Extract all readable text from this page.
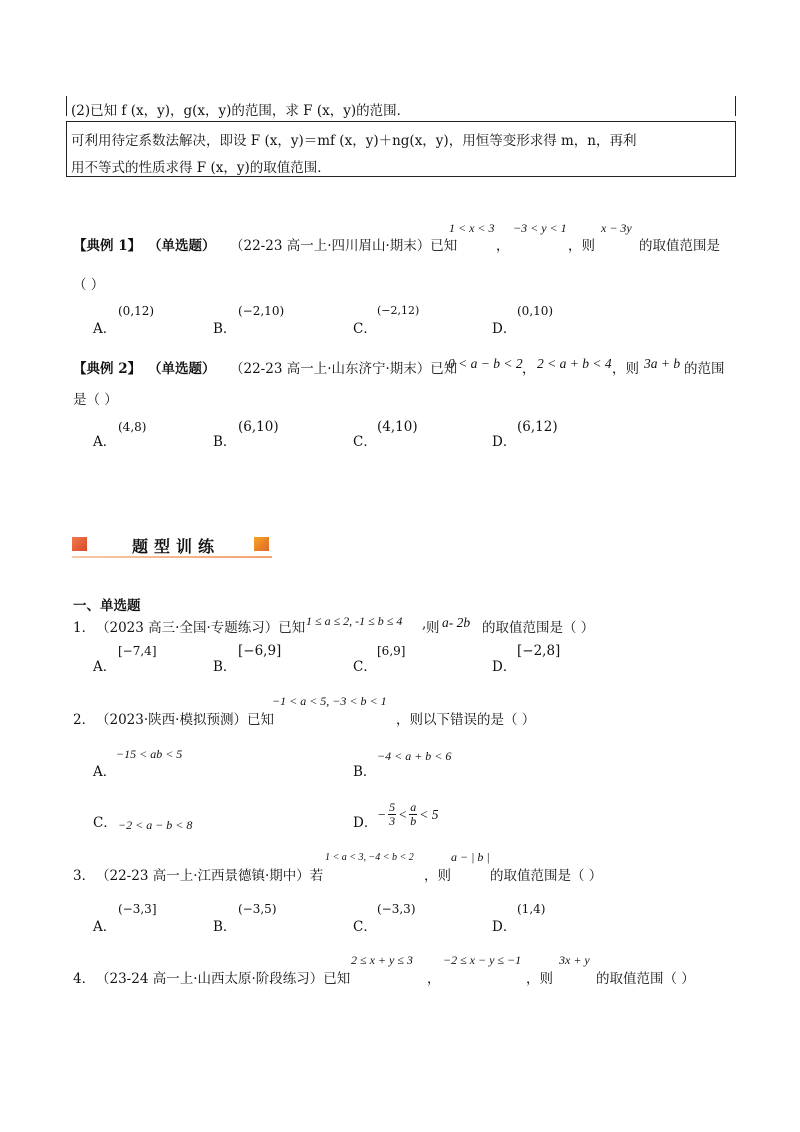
(2)已知 f (x，y)，g(x，y)的范围，求 F (x，y)的范围．
可利用待定系数法解决，即设 F (x，y)＝mf (x，y)＋ng(x，y)，用恒等变形求得 m，n，再利
用不等式的性质求得 F (x，y)的取值范围．
【典例 1】 （单选题） （22-23 高一上·四川眉山·期末）已知
1 < x < 3
，
−3 < y < 1
，则
x − 3y
的取值范围是
（ ）
A．
(0,12)
B．
(−2,10)
C．
(−2,12)
D．
(0,10)
【典例 2】 （单选题） （22-23 高一上·山东济宁·期末）已知
0 < a − b < 2 ， 2 < a + b < 4 ，则 3a + b 的范围
是（ ）
A．
(4,8)
B．
(6,10)
C．
(4,10)
D．
(6,12)
题型训练
一、单选题
1． （2023 高三·全国·专题练习）已知 1 ≤ a ≤ 2, -1 ≤ b ≤ 4 , 则 a- 2b 的取值范围是（ ）
A．
[−7,4]
B．
[−6,9]
C．
[6,9]
D．
[−2,8]
2． （2023·陕西·模拟预测）已知
−1 < a < 5, −3 < b < 1
，则以下错误的是（ ）
A．
−15 < ab < 5
B．
−4 < a + b < 6
C． −2 < a − b < 8	D．
− $\frac{5}{3} < \frac{a}{b} < 5$
3． （22-23 高一上·江西景德镇·期中）若
1 < a < 3, −4 < b < 2
，则
a − | b |
的取值范围是（ ）
A．
(−3,3]
B．
(−3,5)
C．
(−3,3)
D．
(1,4)
4． （23-24 高一上·山西太原·阶段练习）已知
2 ≤ x + y ≤ 3
，
−2 ≤ x − y ≤ −1
，则
3x + y
的取值范围（ ）
